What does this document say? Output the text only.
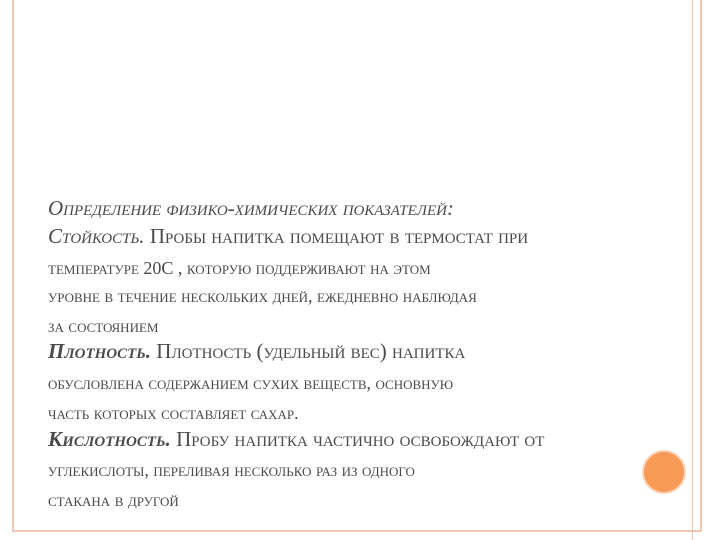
Определение физико-химических показателей:
Стойкость. Пробы напитка помещают в термостат при
температуре 20С , которую поддерживают на этом
уровне в течение нескольких дней, ежедневно наблюдая
за состоянием
Плотность. Плотность (удельный вес) напитка
обусловлена содержанием сухих веществ, основную
часть которых составляет сахар.
Кислотность. Пробу напитка частично освобождают от
углекислоты, переливая несколько раз из одного
стакана в другой
